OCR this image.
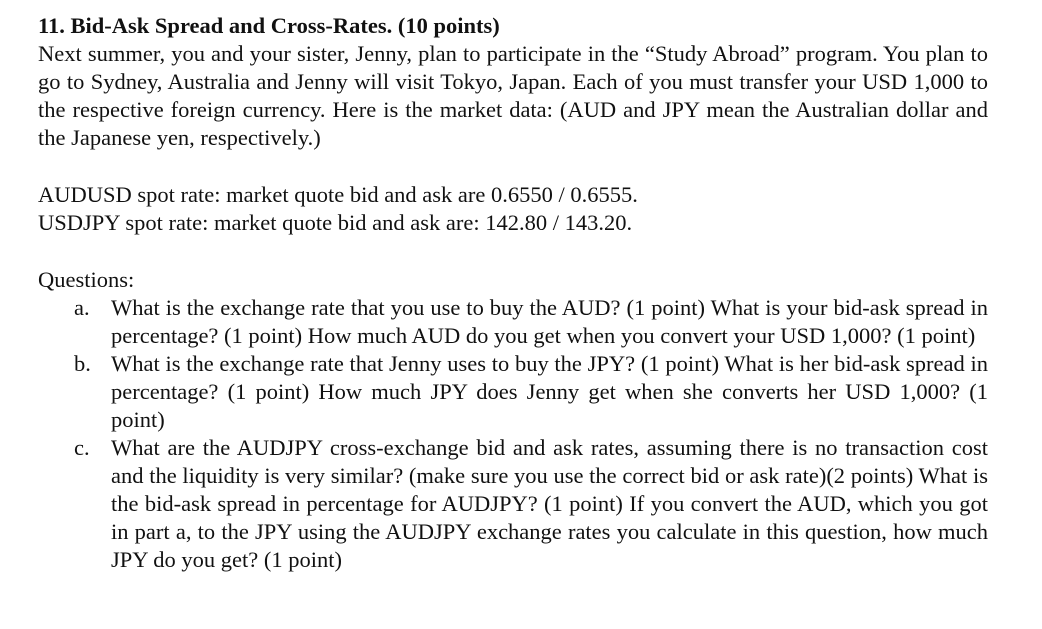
11. Bid-Ask Spread and Cross-Rates. (10 points)

Next summer, you and your sister, Jenny, plan to participate in the “Study Abroad” program. You plan to go to Sydney, Australia and Jenny will visit Tokyo, Japan. Each of you must transfer your USD 1,000 to the respective foreign currency. Here is the market data: (AUD and JPY mean the Australian dollar and the Japanese yen, respectively.)

AUDUSD spot rate: market quote bid and ask are 0.6550 / 0.6555.

USDJPY spot rate: market quote bid and ask are: 142.80 / 143.20.

Questions:

a. What is the exchange rate that you use to buy the AUD? (1 point) What is your bid-ask spread in percentage? (1 point) How much AUD do you get when you convert your USD 1,000? (1 point)
b. What is the exchange rate that Jenny uses to buy the JPY? (1 point) What is her bid-ask spread in percentage? (1 point) How much JPY does Jenny get when she converts her USD 1,000? (1 point)
c. What are the AUDJPY cross-exchange bid and ask rates, assuming there is no transaction cost and the liquidity is very similar? (make sure you use the correct bid or ask rate)(2 points) What is the bid-ask spread in percentage for AUDJPY? (1 point) If you convert the AUD, which you got in part a, to the JPY using the AUDJPY exchange rates you calculate in this question, how much JPY do you get? (1 point)
